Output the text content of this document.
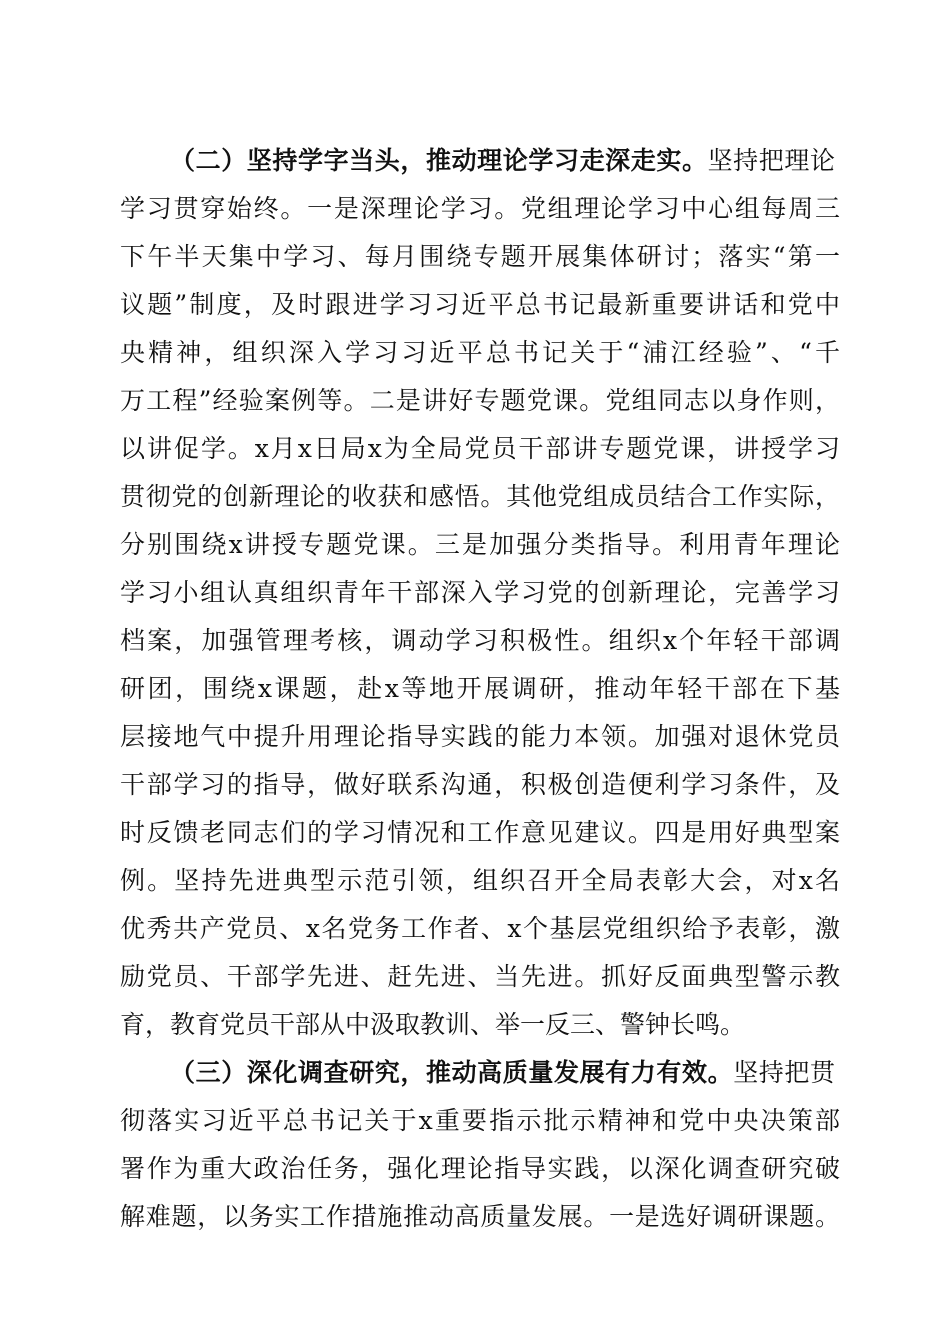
（二）坚持学字当头，推动理论学习走深走实。坚持把理论
学习贯穿始终。一是深理论学习。党组理论学习中心组每周三
下午半天集中学习、每月围绕专题开展集体研讨；落实“第一
议题”制度，及时跟进学习习近平总书记最新重要讲话和党中
央精神，组织深入学习习近平总书记关于“浦江经验”、“千
万工程”经验案例等。二是讲好专题党课。党组同志以身作则，
以讲促学。x月x日局x为全局党员干部讲专题党课，讲授学习
贯彻党的创新理论的收获和感悟。其他党组成员结合工作实际，
分别围绕x讲授专题党课。三是加强分类指导。利用青年理论
学习小组认真组织青年干部深入学习党的创新理论，完善学习
档案，加强管理考核，调动学习积极性。组织x个年轻干部调
研团，围绕x课题，赴x等地开展调研，推动年轻干部在下基
层接地气中提升用理论指导实践的能力本领。加强对退休党员
干部学习的指导，做好联系沟通，积极创造便利学习条件，及
时反馈老同志们的学习情况和工作意见建议。四是用好典型案
例。坚持先进典型示范引领，组织召开全局表彰大会，对x名
优秀共产党员、x名党务工作者、x个基层党组织给予表彰，激
励党员、干部学先进、赶先进、当先进。抓好反面典型警示教
育，教育党员干部从中汲取教训、举一反三、警钟长鸣。
（三）深化调查研究，推动高质量发展有力有效。坚持把贯
彻落实习近平总书记关于x重要指示批示精神和党中央决策部
署作为重大政治任务，强化理论指导实践，以深化调查研究破
解难题，以务实工作措施推动高质量发展。一是选好调研课题。
